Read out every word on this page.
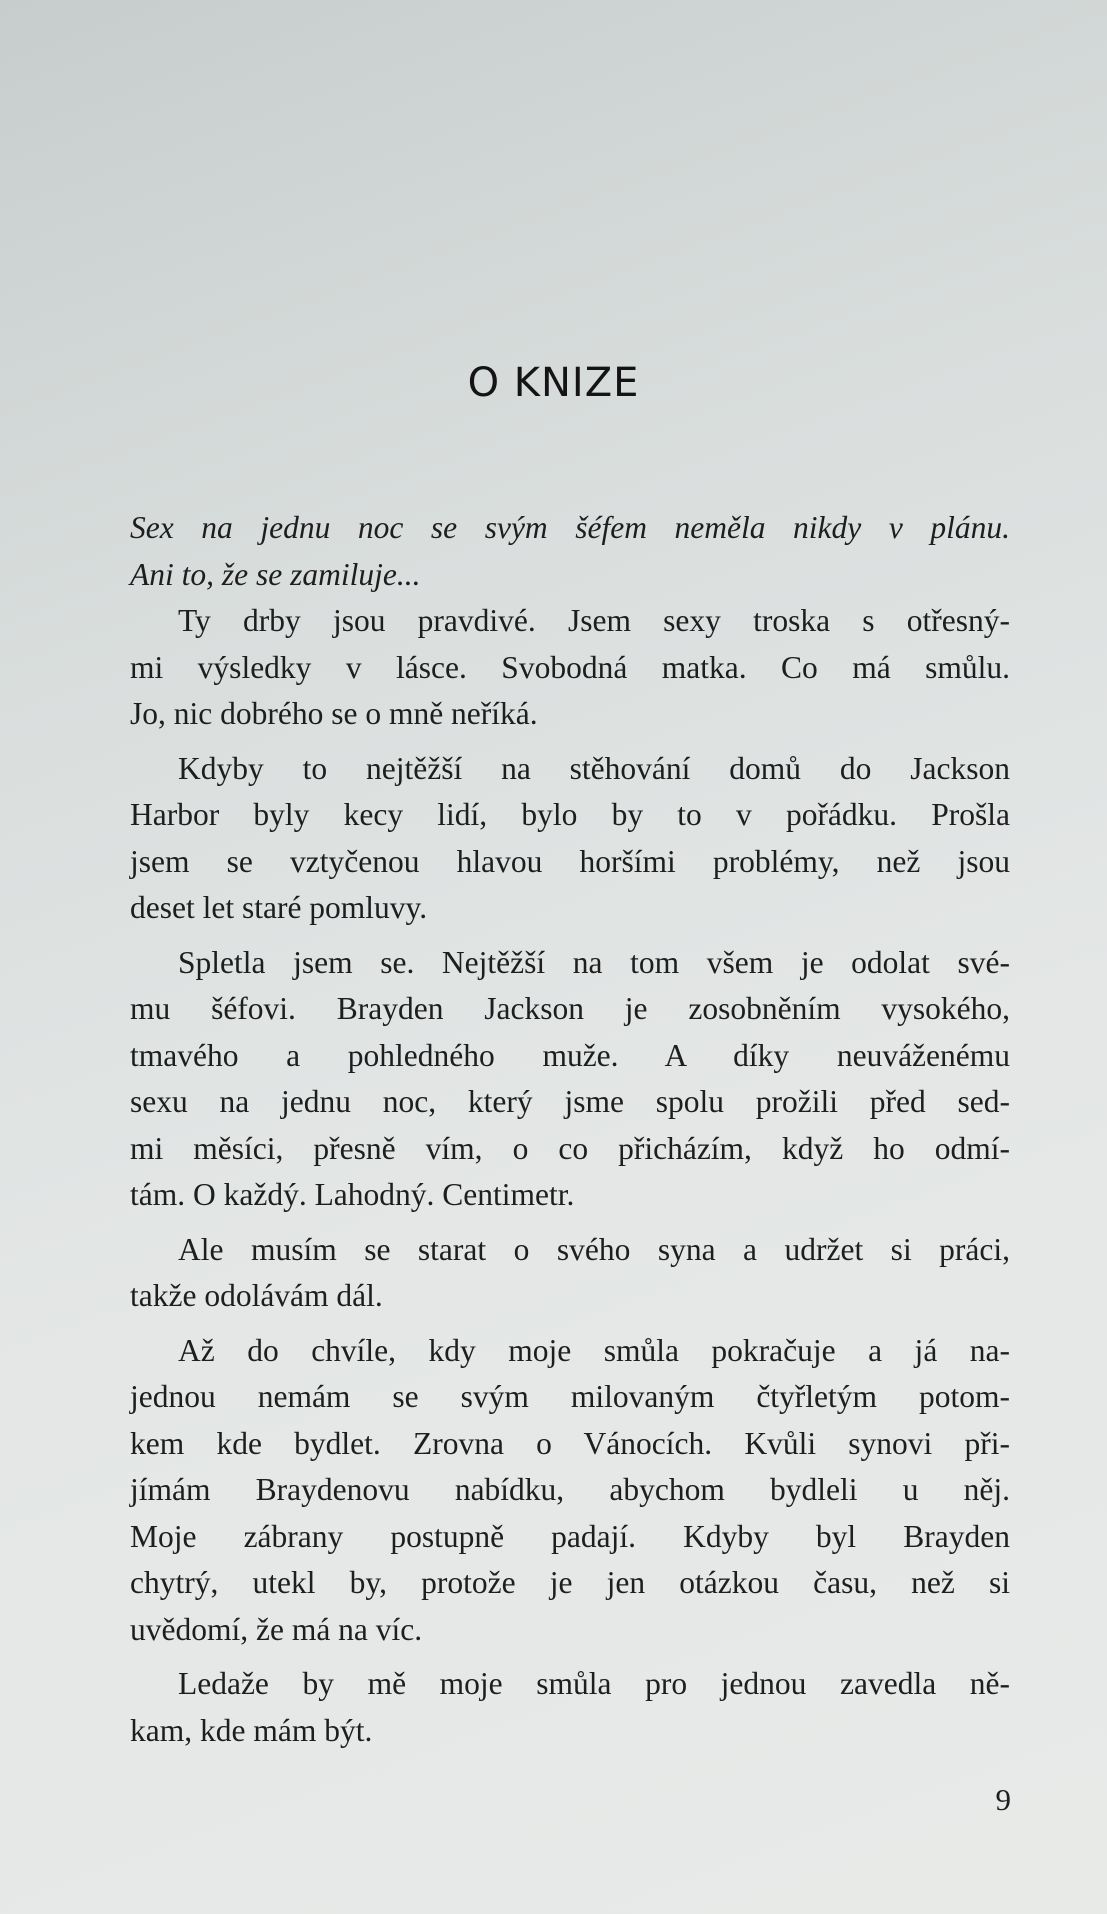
O KNIZE
Sex na jednu noc se svým šéfem neměla nikdy v plánu.
Ani to, že se zamiluje...
Ty drby jsou pravdivé. Jsem sexy troska s otřesný-
mi výsledky v lásce. Svobodná matka. Co má smůlu.
Jo, nic dobrého se o mně neříká.
Kdyby to nejtěžší na stěhování domů do Jackson
Harbor byly kecy lidí, bylo by to v pořádku. Prošla
jsem se vztyčenou hlavou horšími problémy, než jsou
deset let staré pomluvy.
Spletla jsem se. Nejtěžší na tom všem je odolat své-
mu šéfovi. Brayden Jackson je zosobněním vysokého,
tmavého a pohledného muže. A díky neuváženému
sexu na jednu noc, který jsme spolu prožili před sed-
mi měsíci, přesně vím, o co přicházím, když ho odmí-
tám. O každý. Lahodný. Centimetr.
Ale musím se starat o svého syna a udržet si práci,
takže odolávám dál.
Až do chvíle, kdy moje smůla pokračuje a já na-
jednou nemám se svým milovaným čtyřletým potom-
kem kde bydlet. Zrovna o Vánocích. Kvůli synovi při-
jímám Braydenovu nabídku, abychom bydleli u něj.
Moje zábrany postupně padají. Kdyby byl Brayden
chytrý, utekl by, protože je jen otázkou času, než si
uvědomí, že má na víc.
Ledaže by mě moje smůla pro jednou zavedla ně-
kam, kde mám být.
9
